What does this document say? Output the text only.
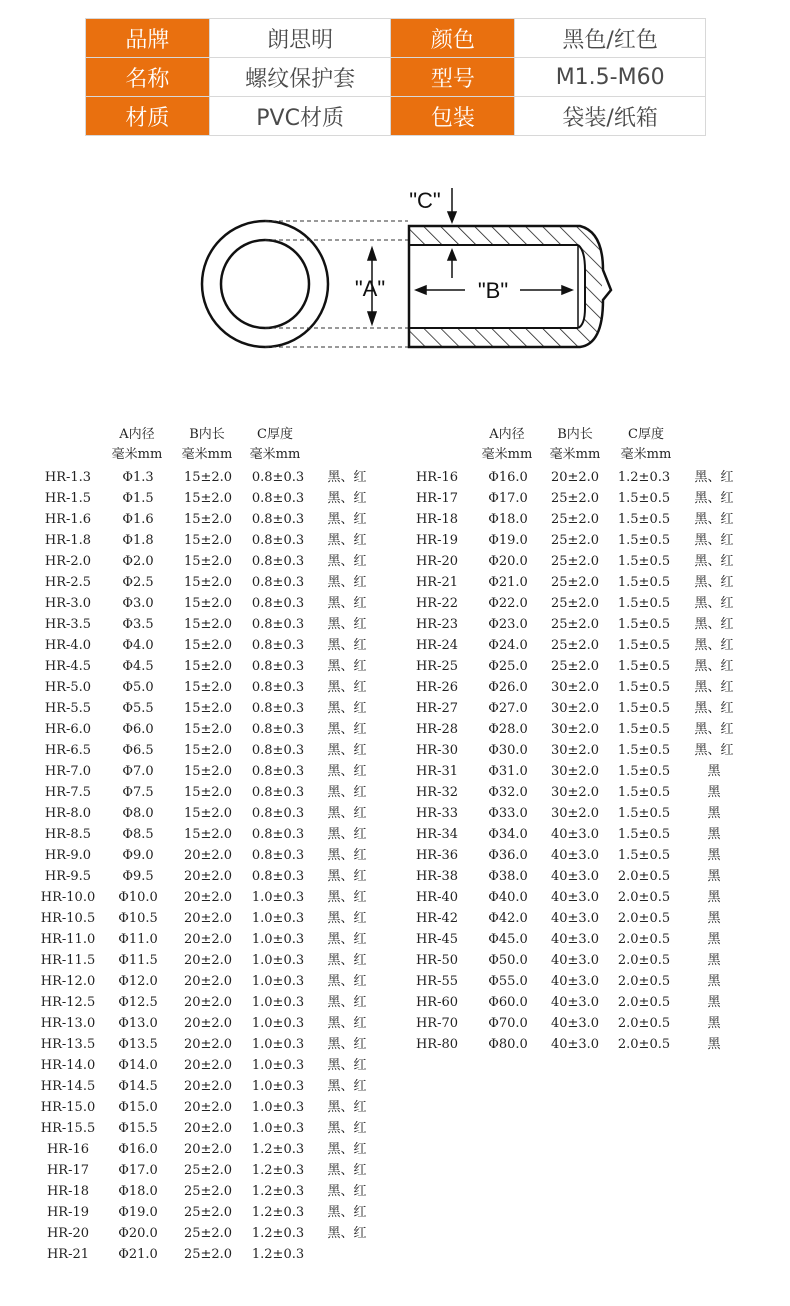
品牌	朗思明	颜色	黑色/红色
名称	螺纹保护套	型号	M1.5-M60
材质	PVC材质	包装	袋装/纸箱
"C"
"A"	"B"
A内径
毫米mm
B内长
毫米mm
C厚度
毫米mm
HR-1.3	Φ1.3	15±2.0	0.8±0.3	黑、红
HR-1.5	Φ1.5	15±2.0	0.8±0.3	黑、红
HR-1.6	Φ1.6	15±2.0	0.8±0.3	黑、红
HR-1.8	Φ1.8	15±2.0	0.8±0.3	黑、红
HR-2.0	Φ2.0	15±2.0	0.8±0.3	黑、红
HR-2.5	Φ2.5	15±2.0	0.8±0.3	黑、红
HR-3.0	Φ3.0	15±2.0	0.8±0.3	黑、红
HR-3.5	Φ3.5	15±2.0	0.8±0.3	黑、红
HR-4.0	Φ4.0	15±2.0	0.8±0.3	黑、红
HR-4.5	Φ4.5	15±2.0	0.8±0.3	黑、红
HR-5.0	Φ5.0	15±2.0	0.8±0.3	黑、红
HR-5.5	Φ5.5	15±2.0	0.8±0.3	黑、红
HR-6.0	Φ6.0	15±2.0	0.8±0.3	黑、红
HR-6.5	Φ6.5	15±2.0	0.8±0.3	黑、红
HR-7.0	Φ7.0	15±2.0	0.8±0.3	黑、红
HR-7.5	Φ7.5	15±2.0	0.8±0.3	黑、红
HR-8.0	Φ8.0	15±2.0	0.8±0.3	黑、红
HR-8.5	Φ8.5	15±2.0	0.8±0.3	黑、红
HR-9.0	Φ9.0	20±2.0	0.8±0.3	黑、红
HR-9.5	Φ9.5	20±2.0	0.8±0.3	黑、红
HR-10.0	Φ10.0	20±2.0	1.0±0.3	黑、红
HR-10.5	Φ10.5	20±2.0	1.0±0.3	黑、红
HR-11.0	Φ11.0	20±2.0	1.0±0.3	黑、红
HR-11.5	Φ11.5	20±2.0	1.0±0.3	黑、红
HR-12.0	Φ12.0	20±2.0	1.0±0.3	黑、红
HR-12.5	Φ12.5	20±2.0	1.0±0.3	黑、红
HR-13.0	Φ13.0	20±2.0	1.0±0.3	黑、红
HR-13.5	Φ13.5	20±2.0	1.0±0.3	黑、红
HR-14.0	Φ14.0	20±2.0	1.0±0.3	黑、红
HR-14.5	Φ14.5	20±2.0	1.0±0.3	黑、红
HR-15.0	Φ15.0	20±2.0	1.0±0.3	黑、红
HR-15.5	Φ15.5	20±2.0	1.0±0.3	黑、红
HR-16	Φ16.0	20±2.0	1.2±0.3	黑、红
HR-17	Φ17.0	25±2.0	1.2±0.3	黑、红
HR-18	Φ18.0	25±2.0	1.2±0.3	黑、红
HR-19	Φ19.0	25±2.0	1.2±0.3	黑、红
HR-20	Φ20.0	25±2.0	1.2±0.3	黑、红
HR-21	Φ21.0	25±2.0	1.2±0.3
A内径
毫米mm
B内长
毫米mm
C厚度
毫米mm
HR-16	Φ16.0	20±2.0	1.2±0.3	黑、红
HR-17	Φ17.0	25±2.0	1.5±0.5	黑、红
HR-18	Φ18.0	25±2.0	1.5±0.5	黑、红
HR-19	Φ19.0	25±2.0	1.5±0.5	黑、红
HR-20	Φ20.0	25±2.0	1.5±0.5	黑、红
HR-21	Φ21.0	25±2.0	1.5±0.5	黑、红
HR-22	Φ22.0	25±2.0	1.5±0.5	黑、红
HR-23	Φ23.0	25±2.0	1.5±0.5	黑、红
HR-24	Φ24.0	25±2.0	1.5±0.5	黑、红
HR-25	Φ25.0	25±2.0	1.5±0.5	黑、红
HR-26	Φ26.0	30±2.0	1.5±0.5	黑、红
HR-27	Φ27.0	30±2.0	1.5±0.5	黑、红
HR-28	Φ28.0	30±2.0	1.5±0.5	黑、红
HR-30	Φ30.0	30±2.0	1.5±0.5	黑、红
HR-31	Φ31.0	30±2.0	1.5±0.5	黑
HR-32	Φ32.0	30±2.0	1.5±0.5	黑
HR-33	Φ33.0	30±2.0	1.5±0.5	黑
HR-34	Φ34.0	40±3.0	1.5±0.5	黑
HR-36	Φ36.0	40±3.0	1.5±0.5	黑
HR-38	Φ38.0	40±3.0	2.0±0.5	黑
HR-40	Φ40.0	40±3.0	2.0±0.5	黑
HR-42	Φ42.0	40±3.0	2.0±0.5	黑
HR-45	Φ45.0	40±3.0	2.0±0.5	黑
HR-50	Φ50.0	40±3.0	2.0±0.5	黑
HR-55	Φ55.0	40±3.0	2.0±0.5	黑
HR-60	Φ60.0	40±3.0	2.0±0.5	黑
HR-70	Φ70.0	40±3.0	2.0±0.5	黑
HR-80	Φ80.0	40±3.0	2.0±0.5	黑
